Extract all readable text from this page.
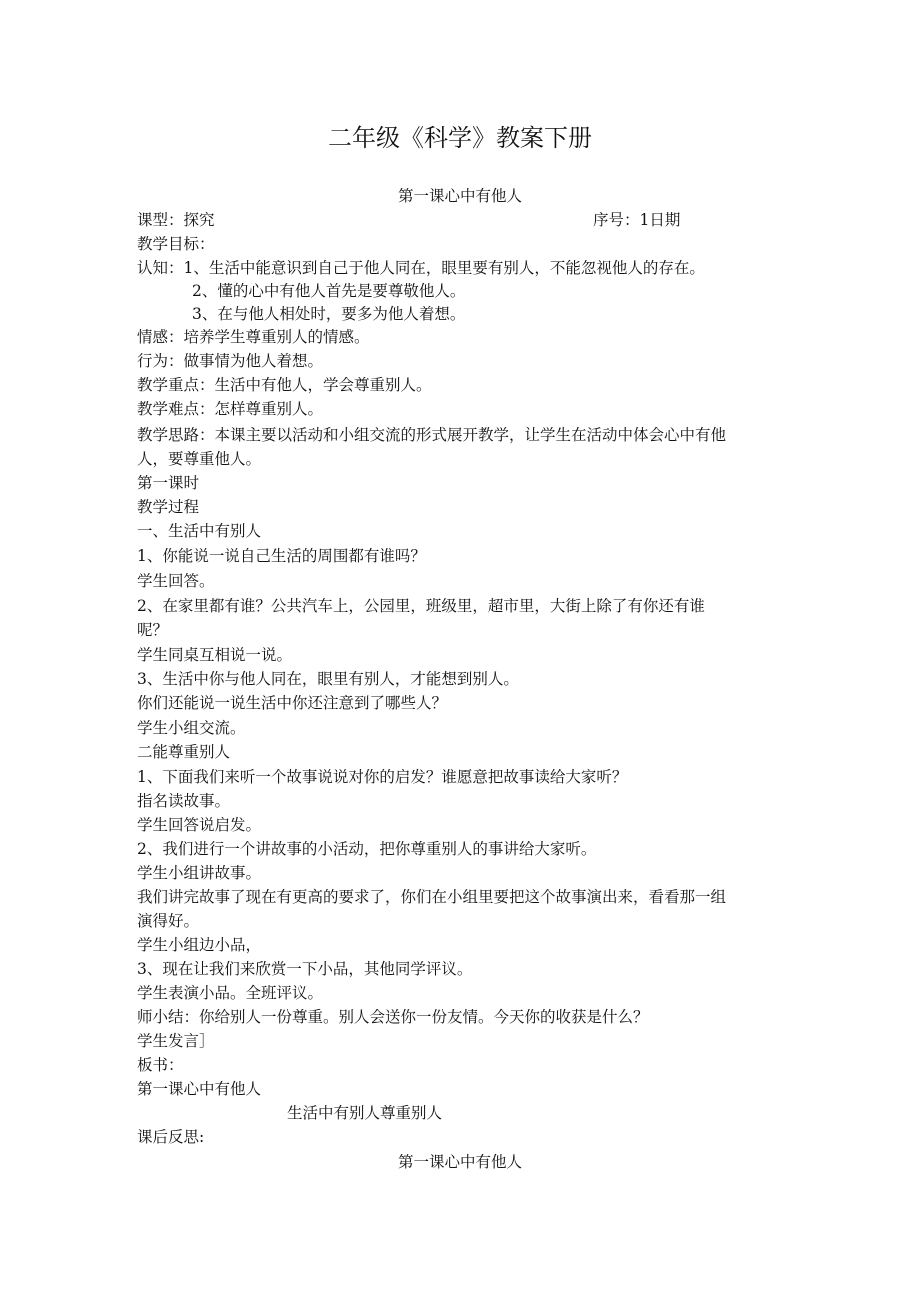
二年级《科学》教案下册
第一课心中有他人
课型：探究	序号：1日期
教学目标：
认知：1、生活中能意识到自己于他人同在，眼里要有别人，不能忽视他人的存在。
2、懂的心中有他人首先是要尊敬他人。
3、在与他人相处时，要多为他人着想。
情感：培养学生尊重别人的情感。
行为：做事情为他人着想。
教学重点：生活中有他人，学会尊重别人。
教学难点：怎样尊重别人。
教学思路：本课主要以活动和小组交流的形式展开教学，让学生在活动中体会心中有他
人，要尊重他人。
第一课时
教学过程
一、生活中有别人
1、你能说一说自己生活的周围都有谁吗？
学生回答。
2、在家里都有谁？公共汽车上，公园里，班级里，超市里，大街上除了有你还有谁
呢？
学生同桌互相说一说。
3、生活中你与他人同在，眼里有别人，才能想到别人。
你们还能说一说生活中你还注意到了哪些人？
学生小组交流。
二能尊重别人
1、下面我们来听一个故事说说对你的启发？谁愿意把故事读给大家听？
指名读故事。
学生回答说启发。
2、我们进行一个讲故事的小活动，把你尊重别人的事讲给大家听。
学生小组讲故事。
我们讲完故事了现在有更高的要求了，你们在小组里要把这个故事演出来，看看那一组
演得好。
学生小组边小品，
3、现在让我们来欣赏一下小品，其他同学评议。
学生表演小品。全班评议。
师小结：你给别人一份尊重。别人会送你一份友情。今天你的收获是什么？
学生发言］
板书：
第一课心中有他人
生活中有别人尊重别人
课后反思:
第一课心中有他人
